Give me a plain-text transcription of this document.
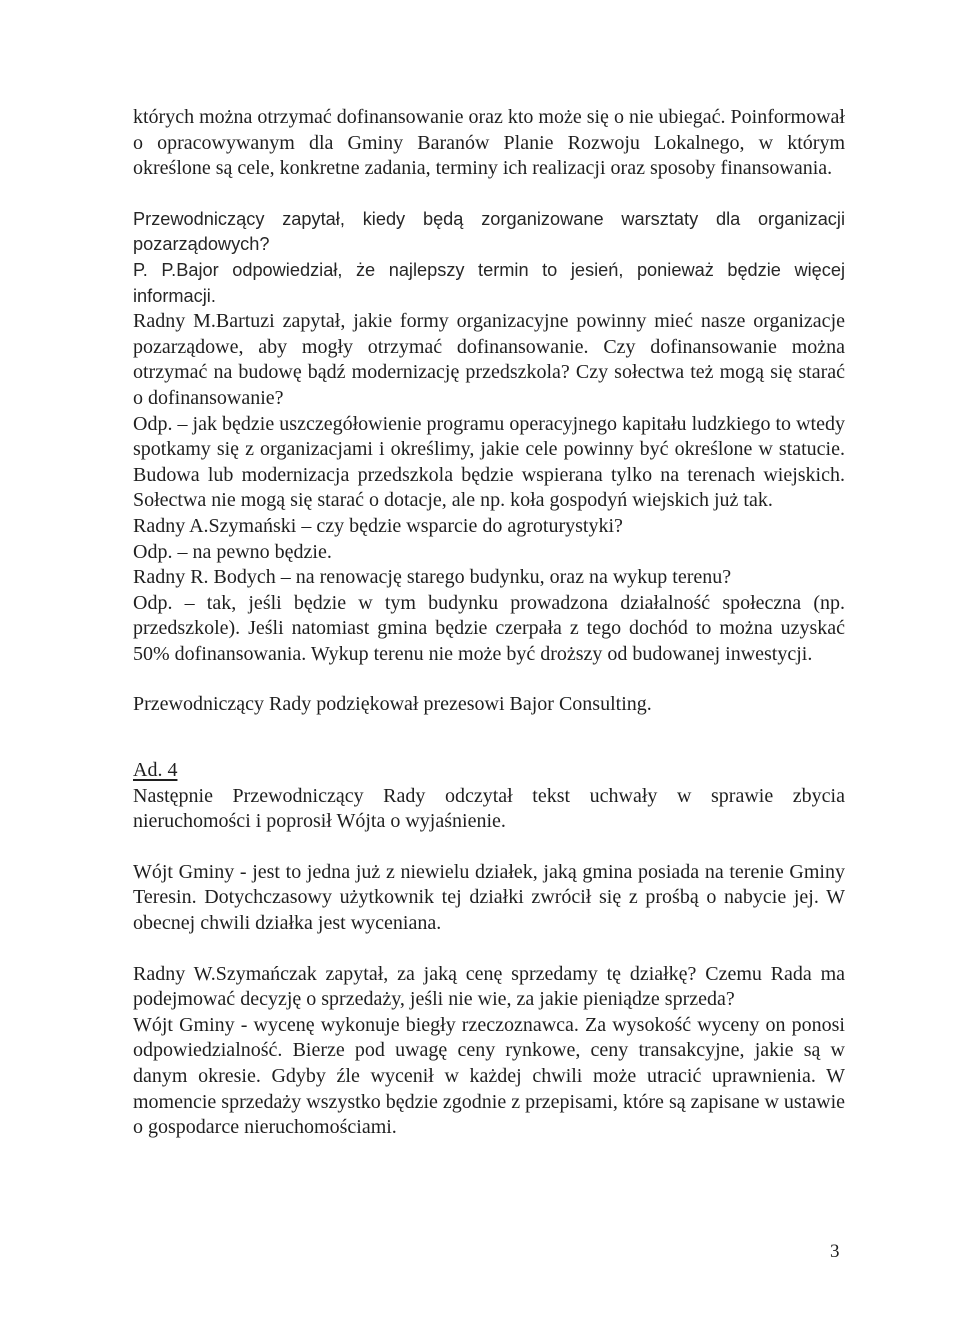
których można otrzymać dofinansowanie oraz kto może się o nie ubiegać. Poinformował o opracowywanym dla Gminy Baranów Planie Rozwoju Lokalnego, w którym określone są cele, konkretne zadania, terminy ich realizacji oraz sposoby finansowania.

Przewodniczący zapytał, kiedy będą zorganizowane warsztaty dla organizacji pozarządowych?

P. P.Bajor odpowiedział, że najlepszy termin to jesień, ponieważ będzie więcej informacji.

Radny M.Bartuzi zapytał, jakie formy organizacyjne powinny mieć nasze organizacje pozarządowe, aby mogły otrzymać dofinansowanie. Czy dofinansowanie można otrzymać na budowę bądź modernizację przedszkola? Czy sołectwa też mogą się starać o dofinansowanie?

Odp. – jak będzie uszczegółowienie programu operacyjnego kapitału ludzkiego to wtedy spotkamy się z organizacjami i określimy, jakie cele powinny być określone w statucie. Budowa lub modernizacja przedszkola będzie wspierana tylko na terenach wiejskich. Sołectwa nie mogą się starać o dotacje, ale np. koła gospodyń wiejskich już tak.

Radny A.Szymański – czy będzie wsparcie do agroturystyki?

Odp. – na pewno będzie.

Radny R. Bodych – na renowację starego budynku, oraz na wykup terenu?

Odp. – tak, jeśli będzie w tym budynku prowadzona działalność społeczna (np. przedszkole). Jeśli natomiast gmina będzie czerpała z tego dochód to można uzyskać 50% dofinansowania. Wykup terenu nie może być droższy od budowanej inwestycji.

Przewodniczący Rady podziękował prezesowi Bajor Consulting.

Ad. 4

Następnie Przewodniczący Rady odczytał tekst uchwały w sprawie zbycia nieruchomości i poprosił Wójta o wyjaśnienie.

Wójt Gminy - jest to jedna już z niewielu działek, jaką gmina posiada na terenie Gminy Teresin. Dotychczasowy użytkownik tej działki zwrócił się z prośbą o nabycie jej. W obecnej chwili działka jest wyceniana.

Radny W.Szymańczak zapytał, za jaką cenę sprzedamy tę działkę? Czemu Rada ma podejmować decyzję o sprzedaży, jeśli nie wie, za jakie pieniądze sprzeda?

Wójt Gminy - wycenę wykonuje biegły rzeczoznawca. Za wysokość wyceny on ponosi odpowiedzialność. Bierze pod uwagę ceny rynkowe, ceny transakcyjne, jakie są w danym okresie. Gdyby źle wycenił w każdej chwili może utracić uprawnienia. W momencie sprzedaży wszystko będzie zgodnie z przepisami, które są zapisane w ustawie o gospodarce nieruchomościami.

3
